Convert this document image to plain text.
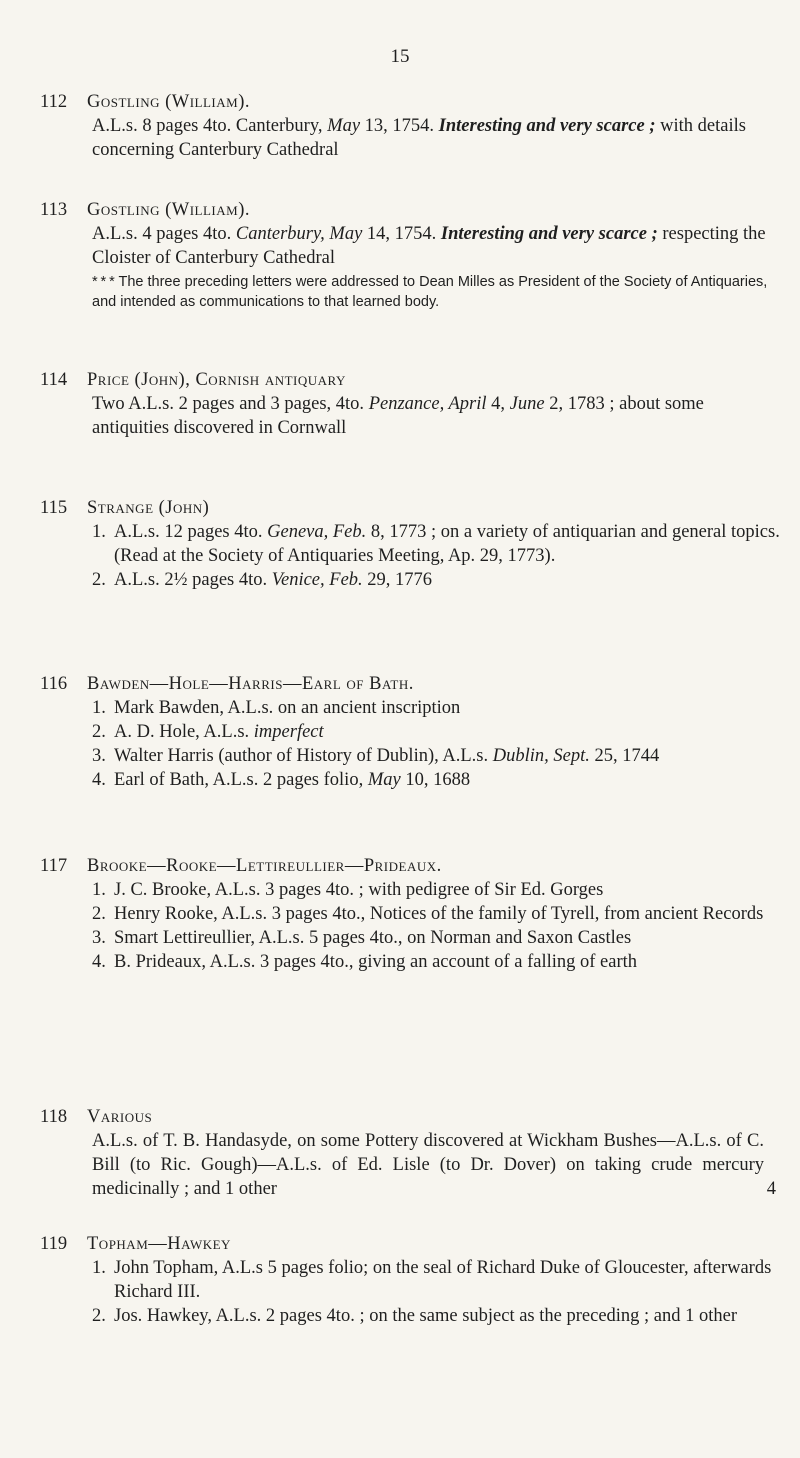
15
112 Gostling (William).
A.L.s. 8 pages 4to. Canterbury, May 13, 1754. Interesting and very scarce ; with details concerning Canterbury Cathedral
113 Gostling (William).
A.L.s. 4 pages 4to. Canterbury, May 14, 1754. Interesting and very scarce ; respecting the Cloister of Canterbury Cathedral
* * * The three preceding letters were addressed to Dean Milles as President of the Society of Antiquaries, and intended as communications to that learned body.
114 Price (John), Cornish antiquary
Two A.L.s. 2 pages and 3 pages, 4to. Penzance, April 4, June 2, 1783 ; about some antiquities discovered in Cornwall
115 Strange (John)
1. A.L.s. 12 pages 4to. Geneva, Feb. 8, 1773 ; on a variety of antiquarian and general topics. (Read at the Society of Antiquaries Meeting, Ap. 29, 1773).
2. A.L.s. 2½ pages 4to. Venice, Feb. 29, 1776
116 Bawden—Hole—Harris—Earl of Bath.
1. Mark Bawden, A.L.s. on an ancient inscription
2. A. D. Hole, A.L.s. imperfect
3. Walter Harris (author of History of Dublin), A.L.s. Dublin, Sept. 25, 1744
4. Earl of Bath, A.L.s. 2 pages folio, May 10, 1688
117 Brooke—Rooke—Lettireullier—Prideaux.
1. J. C. Brooke, A.L.s. 3 pages 4to. ; with pedigree of Sir Ed. Gorges
2. Henry Rooke, A.L.s. 3 pages 4to., Notices of the family of Tyrell, from ancient Records
3. Smart Lettireullier, A.L.s. 5 pages 4to., on Norman and Saxon Castles
4. B. Prideaux, A.L.s. 3 pages 4to., giving an account of a falling of earth
118 Various
A.L.s. of T. B. Handasyde, on some Pottery discovered at Wickham Bushes—A.L.s. of C. Bill (to Ric. Gough)—A.L.s. of Ed. Lisle (to Dr. Dover) on taking crude mercury medicinally ; and 1 other	4
119 Topham—Hawkey
1. John Topham, A.L.s 5 pages folio; on the seal of Richard Duke of Gloucester, afterwards Richard III.
2. Jos. Hawkey, A.L.s. 2 pages 4to. ; on the same subject as the preceding ; and 1 other
